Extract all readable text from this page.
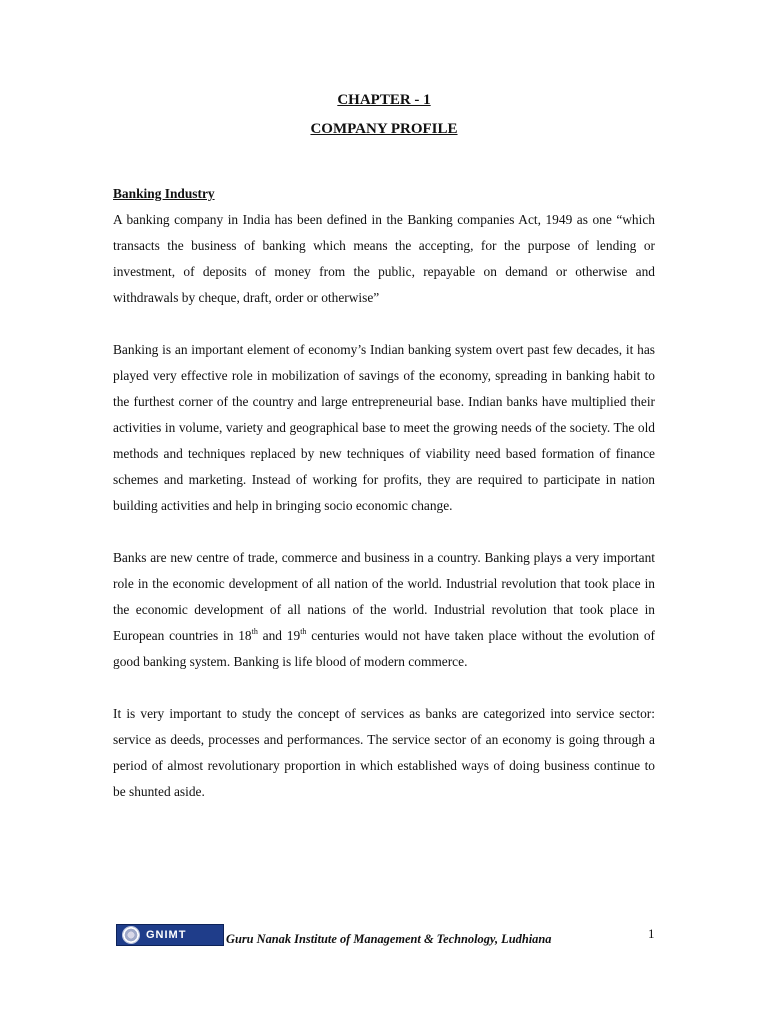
CHAPTER - 1
COMPANY PROFILE
Banking Industry

A banking company in India has been defined in the Banking companies Act, 1949 as one “which transacts the business of banking which means the accepting, for the purpose of lending or investment, of deposits of money from the public, repayable on demand or otherwise and withdrawals by cheque, draft, order or otherwise”

Banking is an important element of economy’s Indian banking system overt past few decades, it has played very effective role in mobilization of savings of the economy, spreading in banking habit to the furthest corner of the country and large entrepreneurial base. Indian banks have multiplied their activities in volume, variety and geographical base to meet the growing needs of the society. The old methods and techniques replaced by new techniques of viability need based formation of finance schemes and marketing. Instead of working for profits, they are required to participate in nation building activities and help in bringing socio economic change.

Banks are new centre of trade, commerce and business in a country. Banking plays a very important role in the economic development of all nation of the world. Industrial revolution that took place in the economic development of all nations of the world. Industrial revolution that took place in European countries in 18th and 19th centuries would not have taken place without the evolution of good banking system. Banking is life blood of modern commerce.

It is very important to study the concept of services as banks are categorized into service sector: service as deeds, processes and performances. The service sector of an economy is going through a period of almost revolutionary proportion in which established ways of doing business continue to be shunted aside.

GNIMT	Guru Nanak Institute of Management & Technology, Ludhiana	1
